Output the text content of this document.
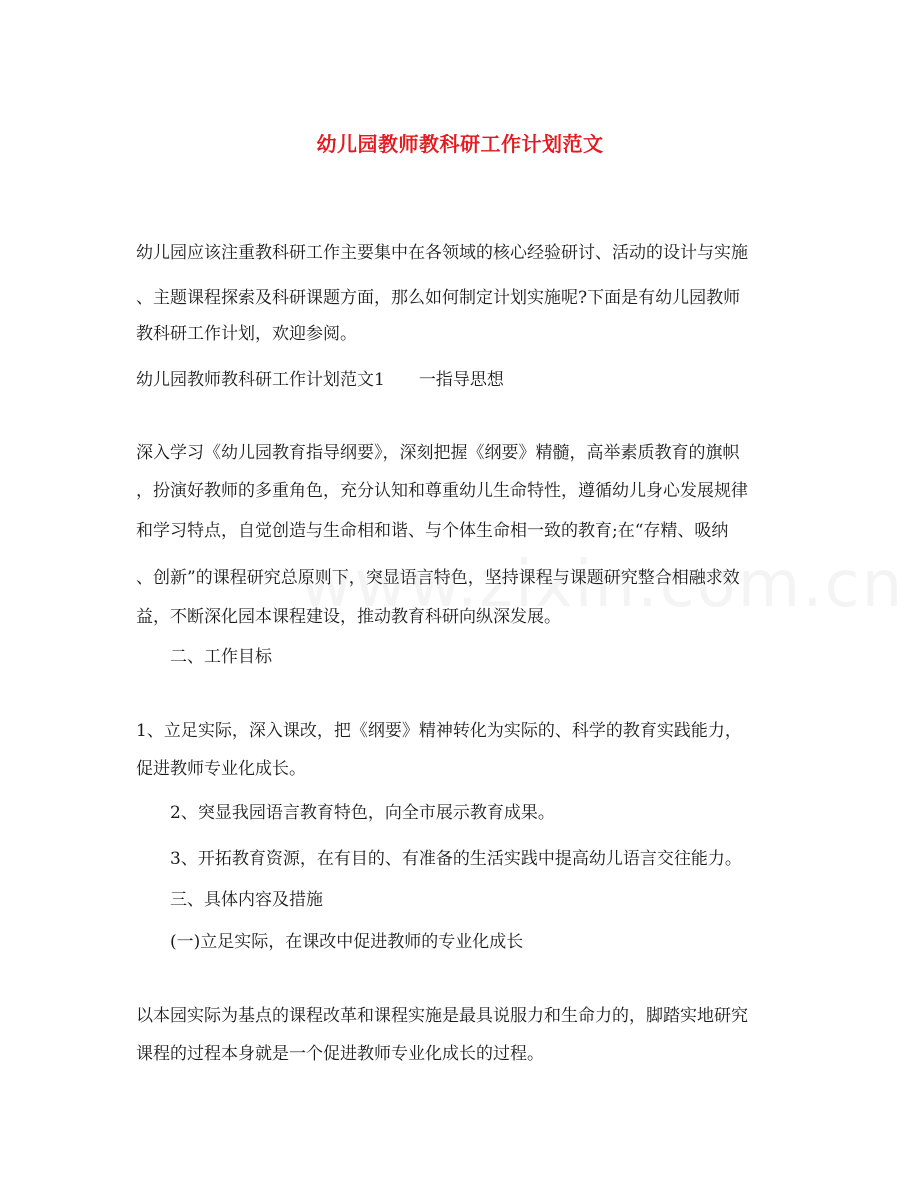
幼儿园教师教科研工作计划范文
幼儿园应该注重教科研工作主要集中在各领域的核心经验研讨、活动的设计与实施
、主题课程探索及科研课题方面，那么如何制定计划实施呢?下面是有幼儿园教师
教科研工作计划，欢迎参阅。
幼儿园教师教科研工作计划范文1　　一指导思想
深入学习《幼儿园教育指导纲要》，深刻把握《纲要》精髓，高举素质教育的旗帜
，扮演好教师的多重角色，充分认知和尊重幼儿生命特性，遵循幼儿身心发展规律
和学习特点，自觉创造与生命相和谐、与个体生命相一致的教育;在“存精、吸纳
、创新”的课程研究总原则下，突显语言特色，坚持课程与课题研究整合相融求效
益，不断深化园本课程建设，推动教育科研向纵深发展。
二、工作目标
1、立足实际，深入课改，把《纲要》精神转化为实际的、科学的教育实践能力，
促进教师专业化成长。
2、突显我园语言教育特色，向全市展示教育成果。
3、开拓教育资源，在有目的、有准备的生活实践中提高幼儿语言交往能力。
三、具体内容及措施
(一)立足实际，在课改中促进教师的专业化成长
以本园实际为基点的课程改革和课程实施是最具说服力和生命力的，脚踏实地研究
课程的过程本身就是一个促进教师专业化成长的过程。
